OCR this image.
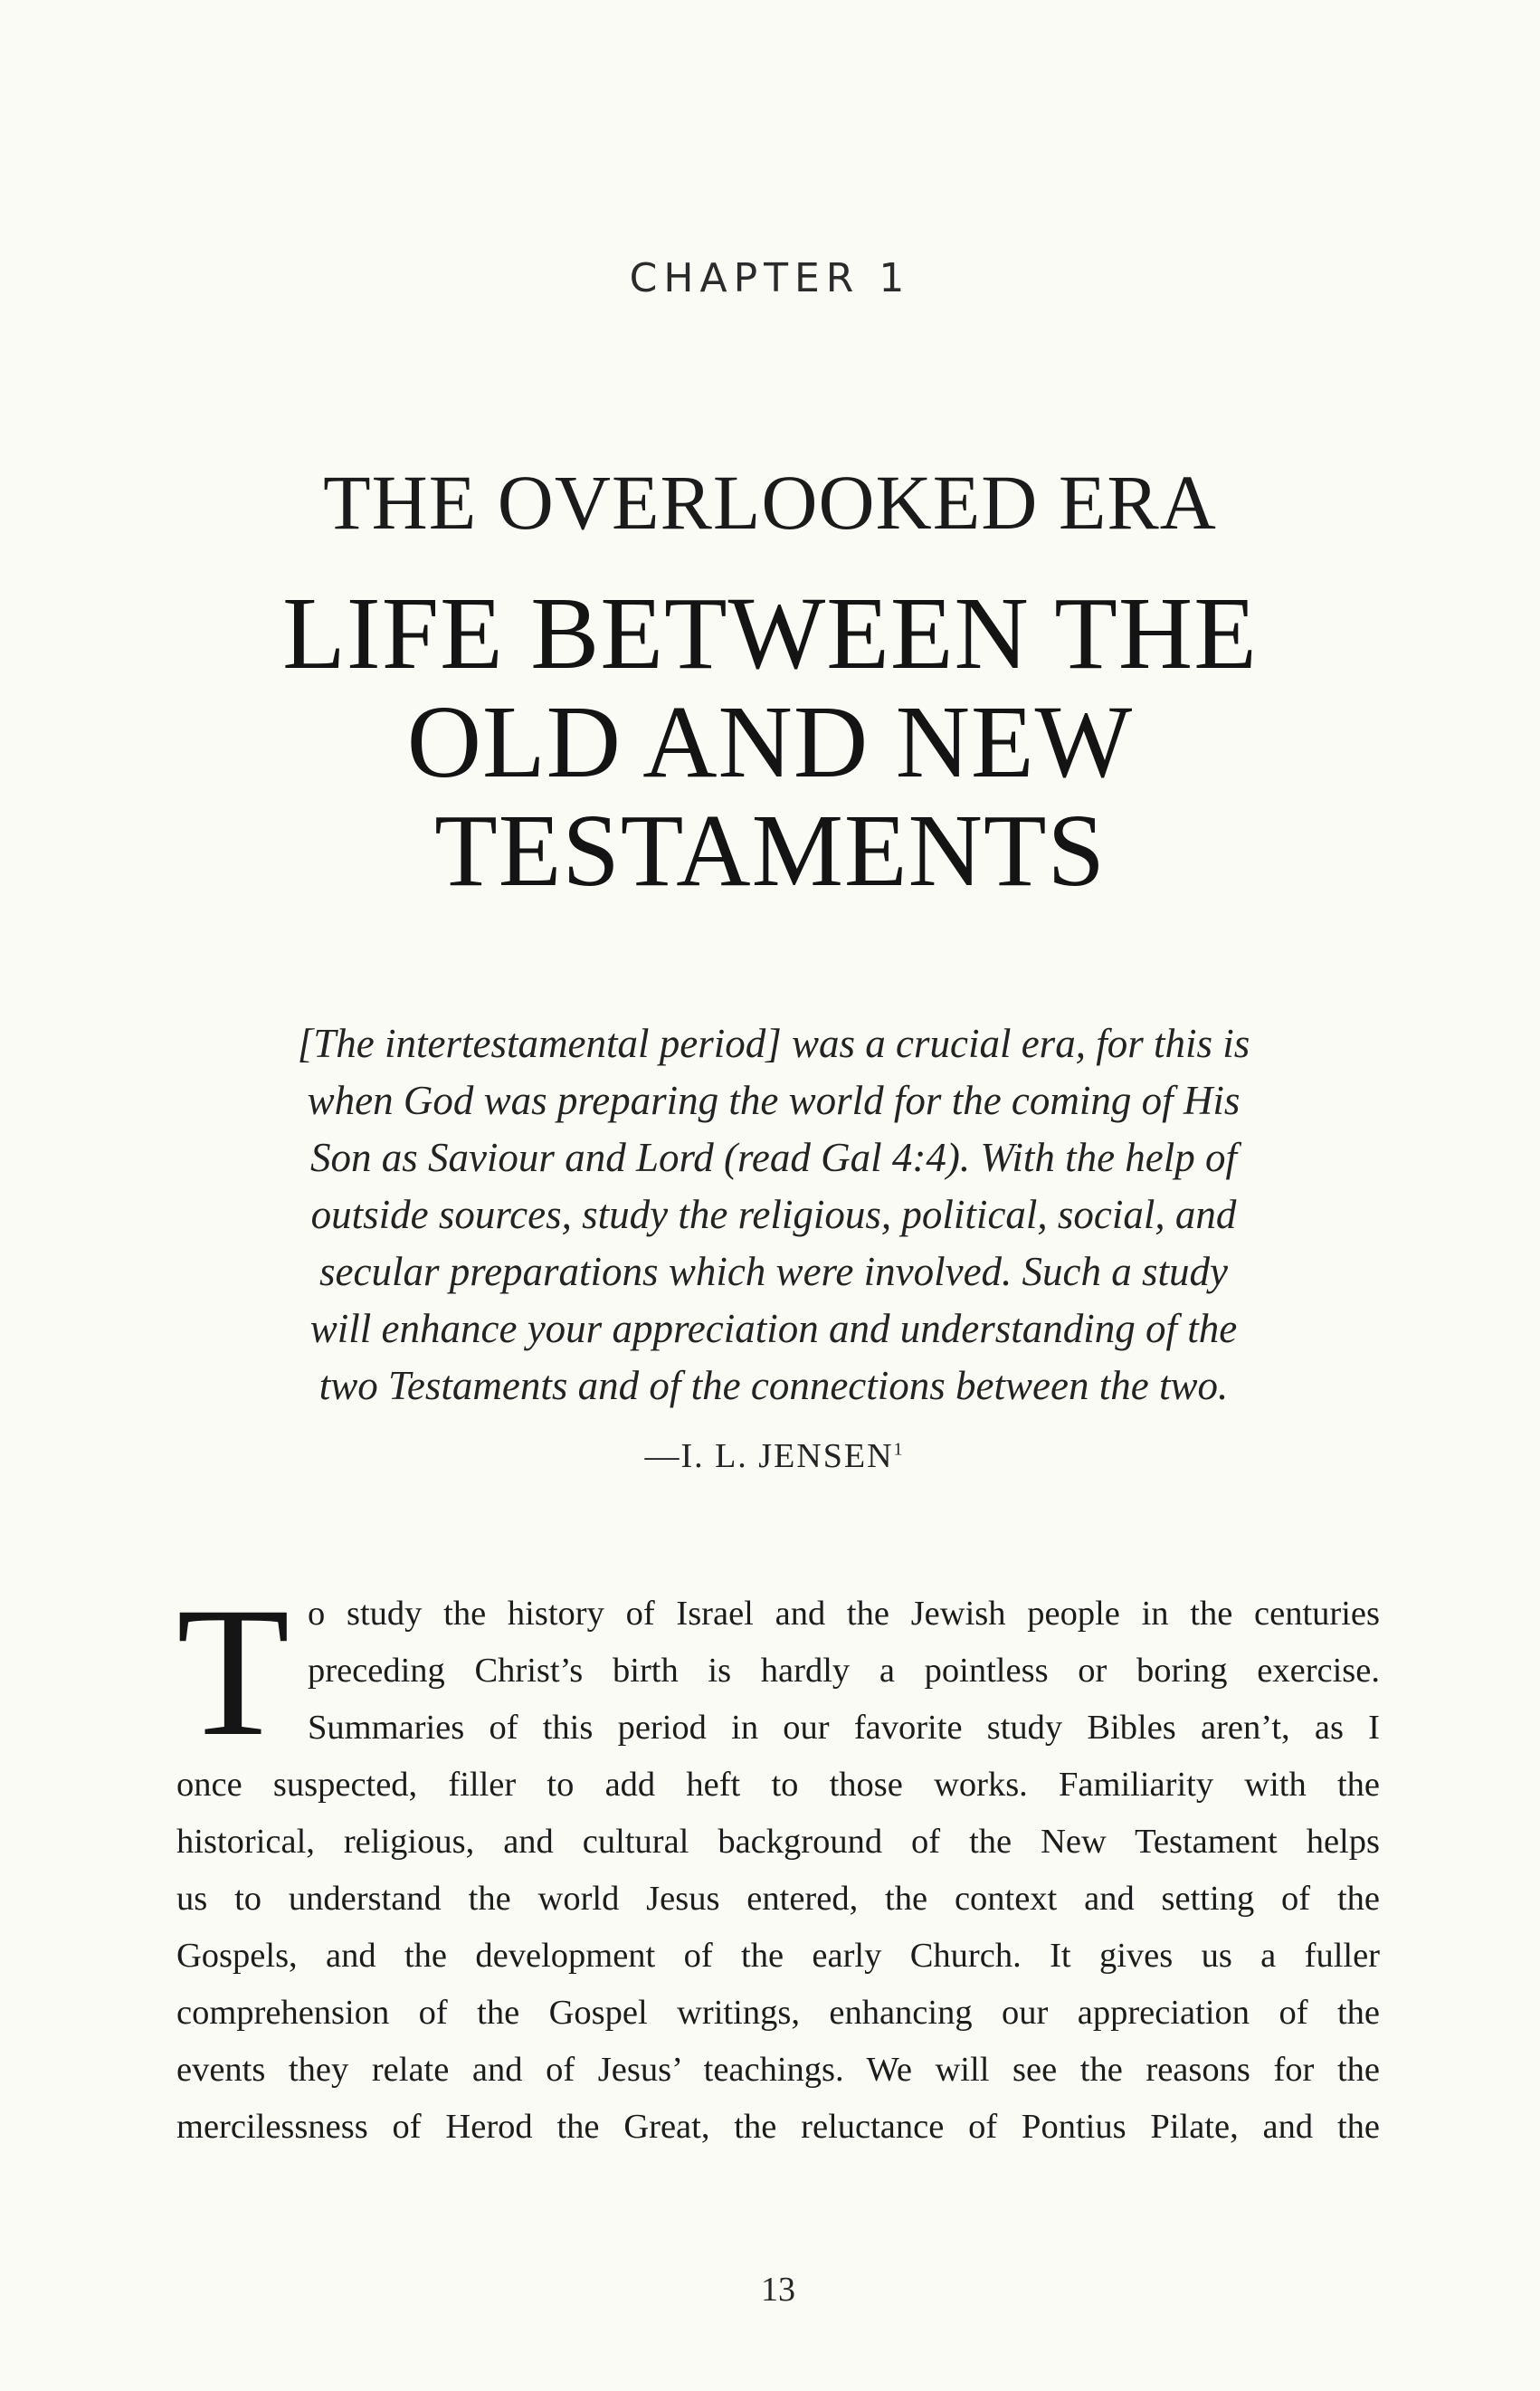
CHAPTER 1
THE OVERLOOKED ERA
LIFE BETWEEN THE
OLD AND NEW
TESTAMENTS
[The intertestamental period] was a crucial era, for this is
when God was preparing the world for the coming of His
Son as Saviour and Lord (read Gal 4:4). With the help of
outside sources, study the religious, political, social, and
secular preparations which were involved. Such a study
will enhance your appreciation and understanding of the
two Testaments and of the connections between the two.
—I. L. JENSEN$^1$
T o study the history of Israel and the Jewish people in the centuries
preceding Christ’s birth is hardly a pointless or boring exercise.
Summaries of this period in our favorite study Bibles aren’t, as I
once suspected, filler to add heft to those works. Familiarity with the
historical, religious, and cultural background of the New Testament helps
us to understand the world Jesus entered, the context and setting of the
Gospels, and the development of the early Church. It gives us a fuller
comprehension of the Gospel writings, enhancing our appreciation of the
events they relate and of Jesus’ teachings. We will see the reasons for the
mercilessness of Herod the Great, the reluctance of Pontius Pilate, and the
13
